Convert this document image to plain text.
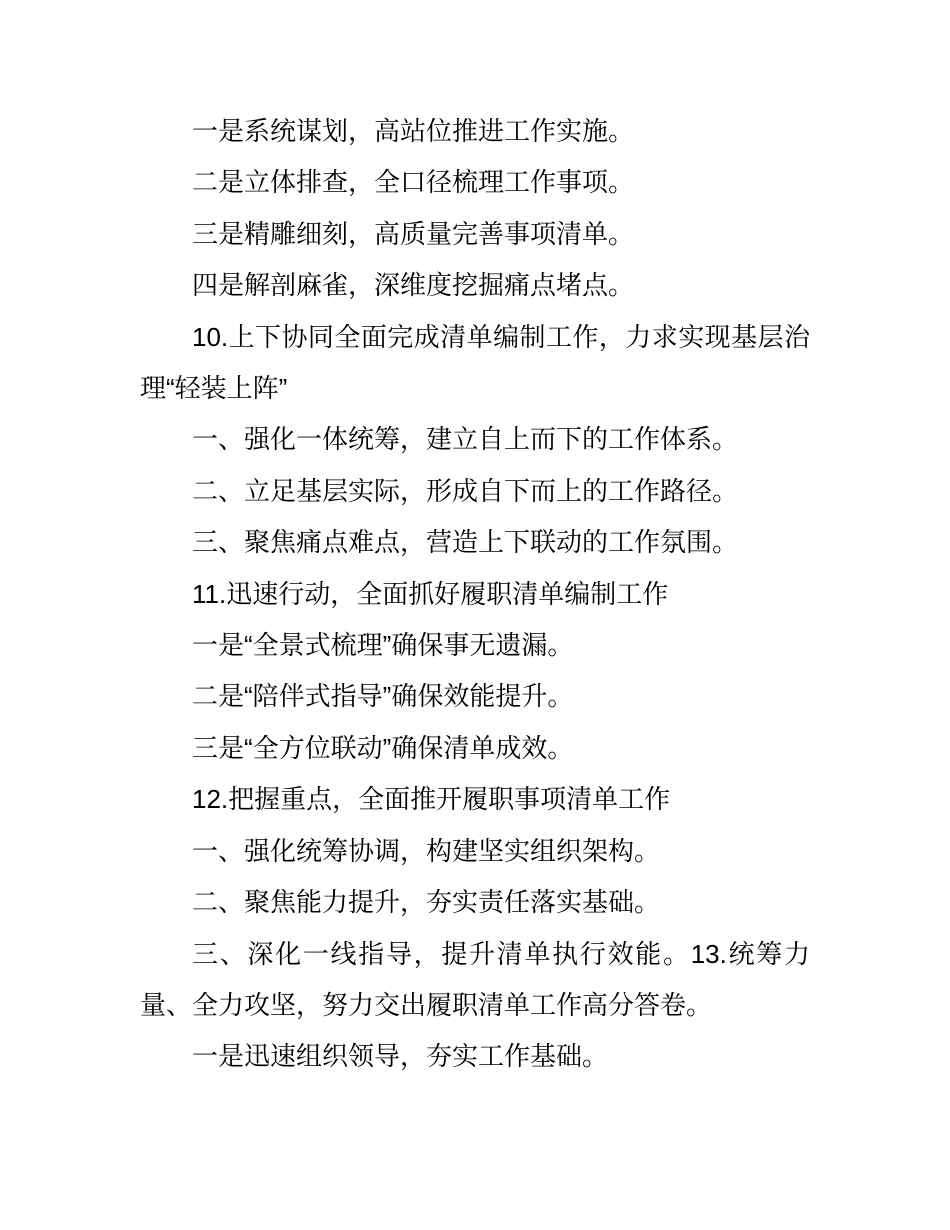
一是系统谋划，高站位推进工作实施。

二是立体排查，全口径梳理工作事项。

三是精雕细刻，高质量完善事项清单。

四是解剖麻雀，深维度挖掘痛点堵点。

10.上下协同全面完成清单编制工作，力求实现基层治理“轻装上阵”

一、强化一体统筹，建立自上而下的工作体系。

二、立足基层实际，形成自下而上的工作路径。

三、聚焦痛点难点，营造上下联动的工作氛围。

11.迅速行动，全面抓好履职清单编制工作

一是“全景式梳理”确保事无遗漏。

二是“陪伴式指导”确保效能提升。

三是“全方位联动”确保清单成效。

12.把握重点，全面推开履职事项清单工作

一、强化统筹协调，构建坚实组织架构。

二、聚焦能力提升，夯实责任落实基础。

三、深化一线指导，提升清单执行效能。13.统筹力量、全力攻坚，努力交出履职清单工作高分答卷。

一是迅速组织领导，夯实工作基础。
